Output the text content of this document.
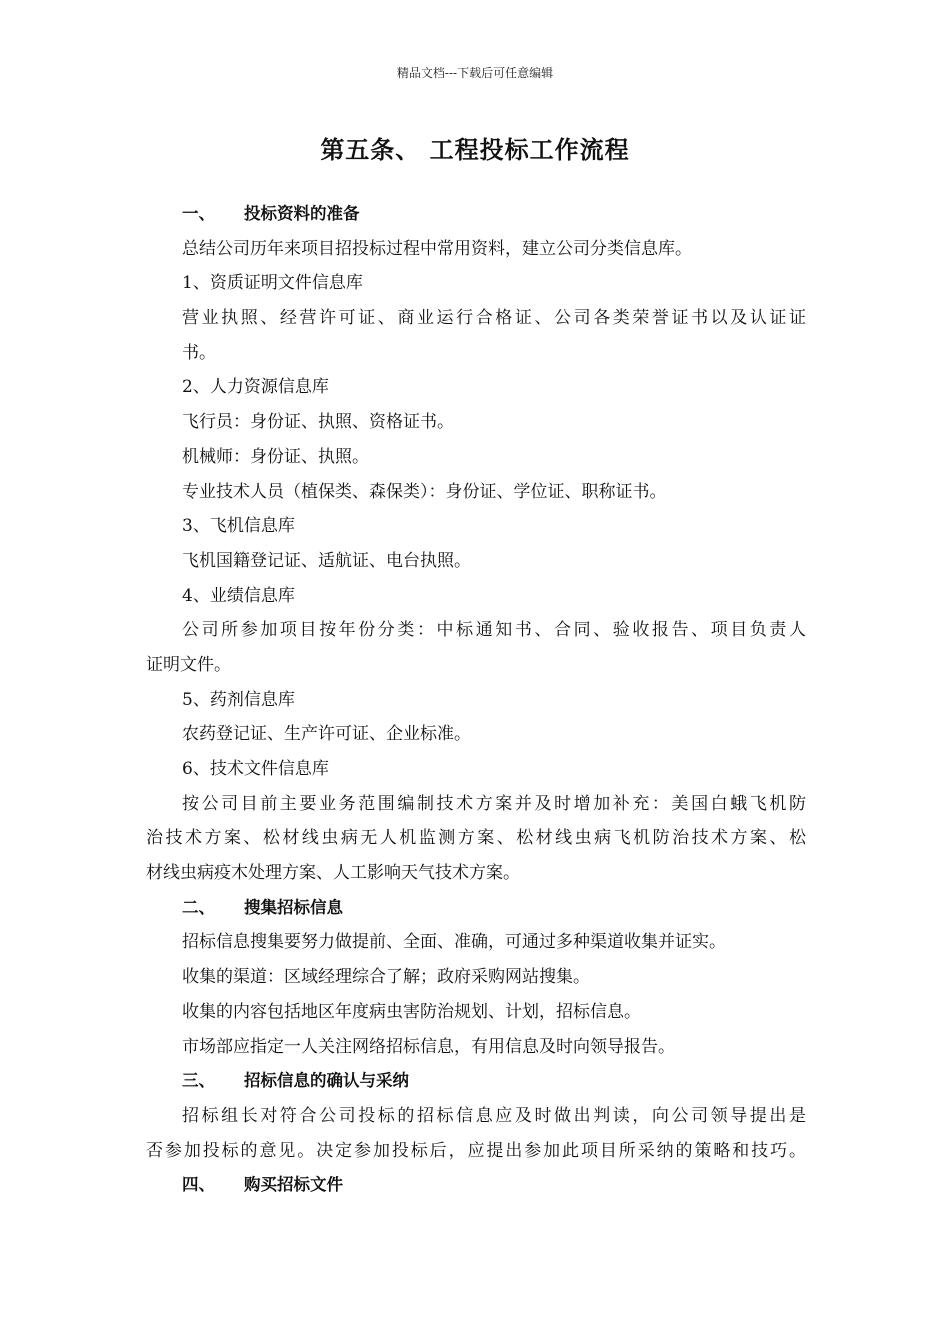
精品文档---下载后可任意编辑
第五条、 工程投标工作流程
一、 投标资料的准备
总结公司历年来项目招投标过程中常用资料，建立公司分类信息库。
1、资质证明文件信息库
营业执照、经营许可证、商业运行合格证、公司各类荣誉证书以及认证证
书。
2、人力资源信息库
飞行员：身份证、执照、资格证书。
机械师：身份证、执照。
专业技术人员（植保类、森保类）：身份证、学位证、职称证书。
3、飞机信息库
飞机国籍登记证、适航证、电台执照。
4、业绩信息库
公司所参加项目按年份分类：中标通知书、合同、验收报告、项目负责人
证明文件。
5、药剂信息库
农药登记证、生产许可证、企业标准。
6、技术文件信息库
按公司目前主要业务范围编制技术方案并及时增加补充：美国白蛾飞机防
治技术方案、松材线虫病无人机监测方案、松材线虫病飞机防治技术方案、松
材线虫病疫木处理方案、人工影响天气技术方案。
二、 搜集招标信息
招标信息搜集要努力做提前、全面、准确，可通过多种渠道收集并证实。
收集的渠道：区域经理综合了解；政府采购网站搜集。
收集的内容包括地区年度病虫害防治规划、计划，招标信息。
市场部应指定一人关注网络招标信息，有用信息及时向领导报告。
三、 招标信息的确认与采纳
招标组长对符合公司投标的招标信息应及时做出判读，向公司领导提出是
否参加投标的意见。决定参加投标后，应提出参加此项目所采纳的策略和技巧。
四、 购买招标文件
